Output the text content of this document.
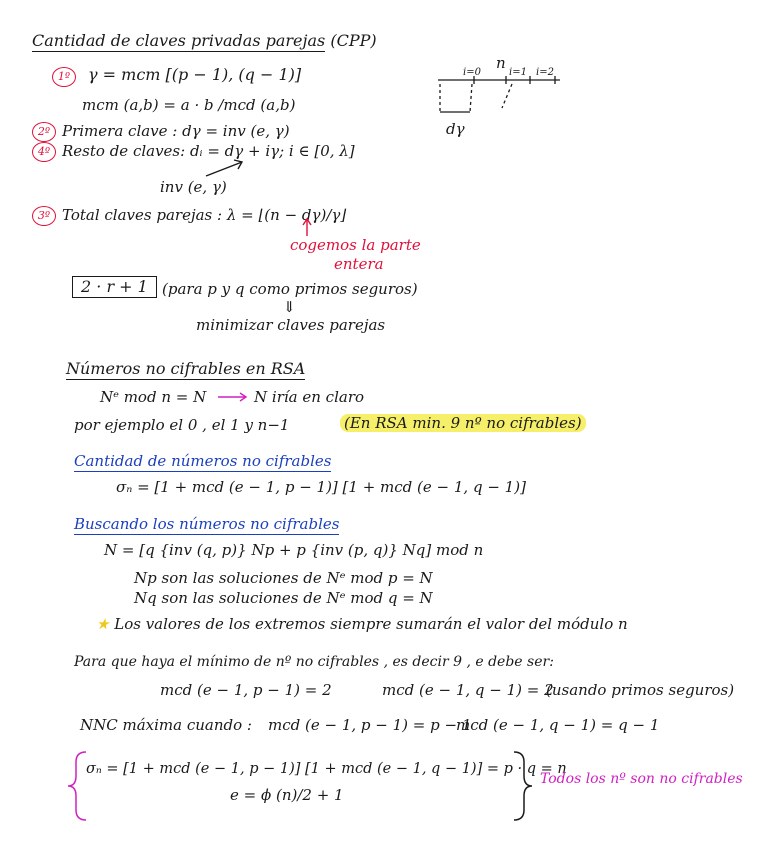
Cantidad de claves privadas parejas (CPP)
1º	γ = mcm [(p − 1), (q − 1)]
mcm (a,b) = a · b /mcd (a,b)
2º Primera clave : dγ = inv (e, γ)
4º Resto de claves: dᵢ = dγ + iγ; i ∈ [0, λ]
inv (e, γ)
3º Total claves parejas : λ = ⌊(n − dγ)/γ⌋
cogemos la parte
entera
2 · r + 1 (para p y q como primos seguros)
⇓
minimizar claves parejas
i=0
n
i=1 i=2
dγ
Números no cifrables en RSA
Nᵉ mod n = N	N iría en claro
por ejemplo el 0 , el 1 y n−1	(En RSA min. 9 nº no cifrables)
Cantidad de números no cifrables
σₙ = [1 + mcd (e − 1, p − 1)] [1 + mcd (e − 1, q − 1)]
Buscando los números no cifrables
N = [q {inv (q, p)} Np + p {inv (p, q)} Nq] mod n
Np son las soluciones de Nᵉ mod p = N
Nq son las soluciones de Nᵉ mod q = N
★ Los valores de los extremos siempre sumarán el valor del módulo n
Para que haya el mínimo de nº no cifrables , es decir 9 , e debe ser:
mcd (e − 1, p − 1) = 2	mcd (e − 1, q − 1) = 2
(usando primos seguros)
NNC máxima cuando : mcd (e − 1, p − 1) = p − 1
mcd (e − 1, q − 1) = q − 1
σₙ = [1 + mcd (e − 1, p − 1)] [1 + mcd (e − 1, q − 1)] = p · q = n
e = ϕ (n)/2 + 1
Todos los nº son no cifrables
